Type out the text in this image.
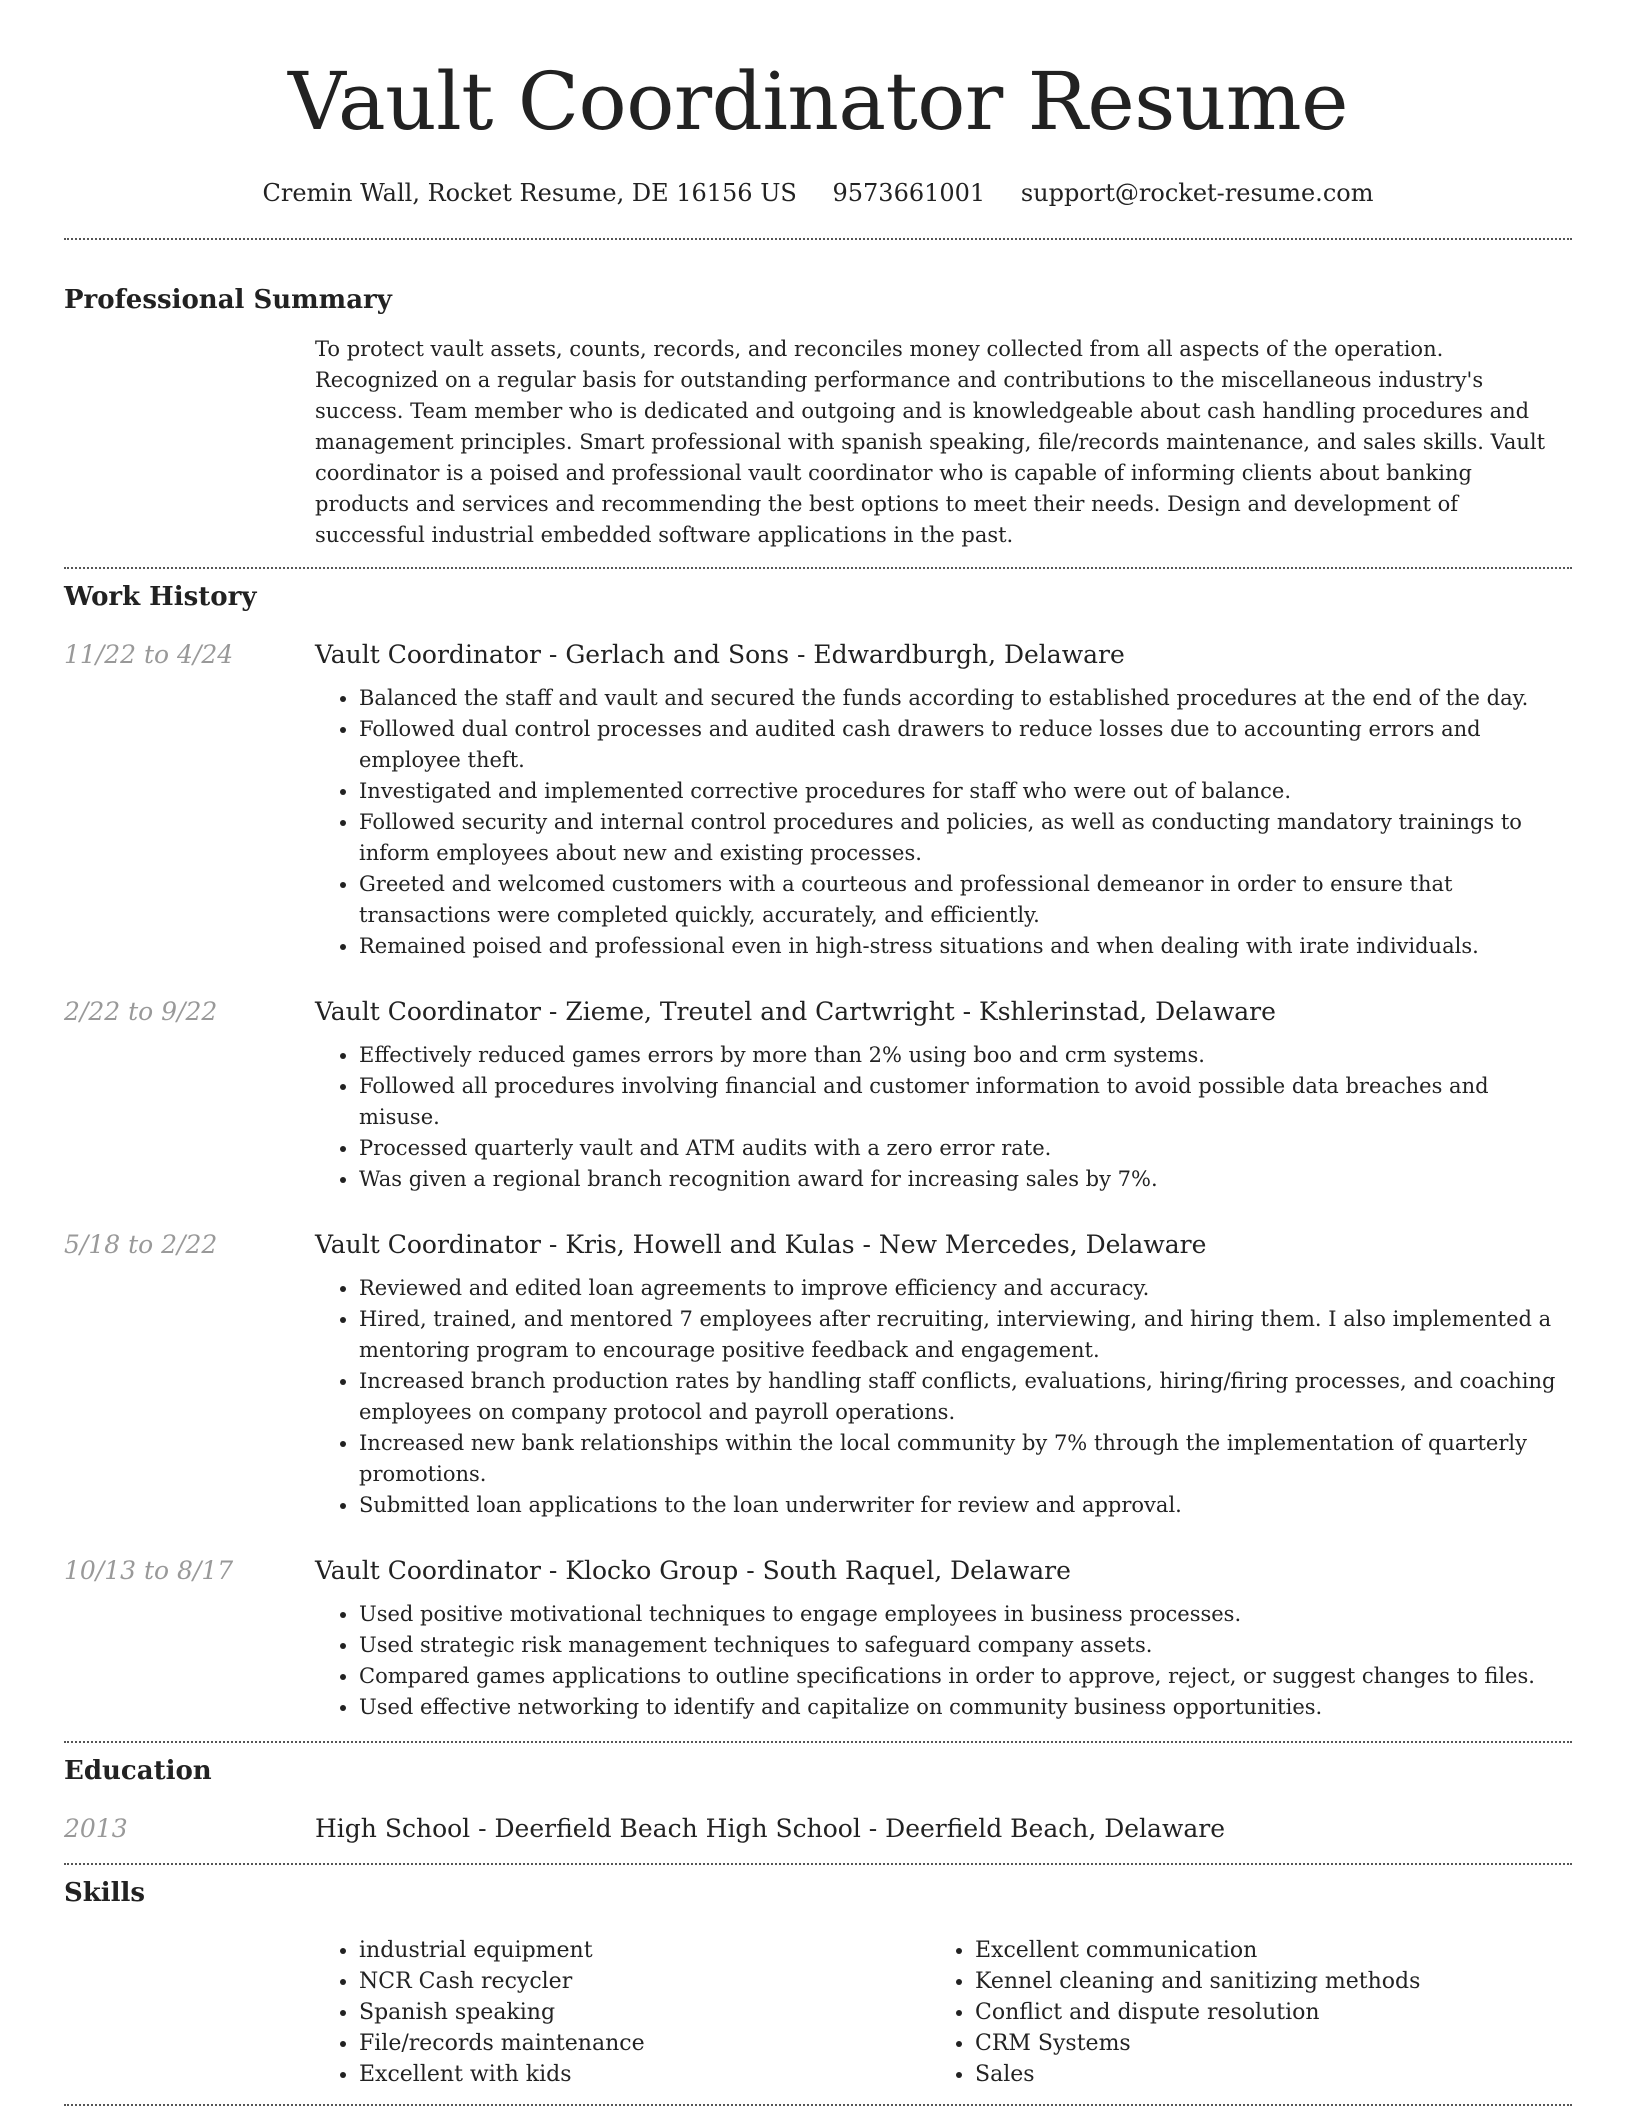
Vault Coordinator Resume
Cremin Wall, Rocket Resume, DE 16156 US 9573661001 support@rocket-resume.com
Professional Summary

To protect vault assets, counts, records, and reconciles money collected from all aspects of the operation. Recognized on a regular basis for outstanding performance and contributions to the miscellaneous industry's success. Team member who is dedicated and outgoing and is knowledgeable about cash handling procedures and management principles. Smart professional with spanish speaking, file/records maintenance, and sales skills. Vault coordinator is a poised and professional vault coordinator who is capable of informing clients about banking products and services and recommending the best options to meet their needs. Design and development of successful industrial embedded software applications in the past.

Work History
11/22 to 4/24	Vault Coordinator - Gerlach and Sons - Edwardburgh, Delaware
• Balanced the staff and vault and secured the funds according to established procedures at the end of the day.
• Followed dual control processes and audited cash drawers to reduce losses due to accounting errors and employee theft.
• Investigated and implemented corrective procedures for staff who were out of balance.
• Followed security and internal control procedures and policies, as well as conducting mandatory trainings to inform employees about new and existing processes.
• Greeted and welcomed customers with a courteous and professional demeanor in order to ensure that transactions were completed quickly, accurately, and efficiently.
• Remained poised and professional even in high-stress situations and when dealing with irate individuals.
2/22 to 9/22	Vault Coordinator - Zieme, Treutel and Cartwright - Kshlerinstad, Delaware
• Effectively reduced games errors by more than 2% using boo and crm systems.
• Followed all procedures involving financial and customer information to avoid possible data breaches and misuse.
• Processed quarterly vault and ATM audits with a zero error rate.
• Was given a regional branch recognition award for increasing sales by 7%.
5/18 to 2/22	Vault Coordinator - Kris, Howell and Kulas - New Mercedes, Delaware
• Reviewed and edited loan agreements to improve efficiency and accuracy.
• Hired, trained, and mentored 7 employees after recruiting, interviewing, and hiring them. I also implemented a mentoring program to encourage positive feedback and engagement.
• Increased branch production rates by handling staff conflicts, evaluations, hiring/firing processes, and coaching employees on company protocol and payroll operations.
• Increased new bank relationships within the local community by 7% through the implementation of quarterly promotions.
• Submitted loan applications to the loan underwriter for review and approval.
10/13 to 8/17	Vault Coordinator - Klocko Group - South Raquel, Delaware
• Used positive motivational techniques to engage employees in business processes.
• Used strategic risk management techniques to safeguard company assets.
• Compared games applications to outline specifications in order to approve, reject, or suggest changes to files.
• Used effective networking to identify and capitalize on community business opportunities.
Education
2013	High School - Deerfield Beach High School - Deerfield Beach, Delaware
Skills
• industrial equipment
• NCR Cash recycler
• Spanish speaking
• File/records maintenance
• Excellent with kids
• Excellent communication
• Kennel cleaning and sanitizing methods
• Conflict and dispute resolution
• CRM Systems
• Sales
